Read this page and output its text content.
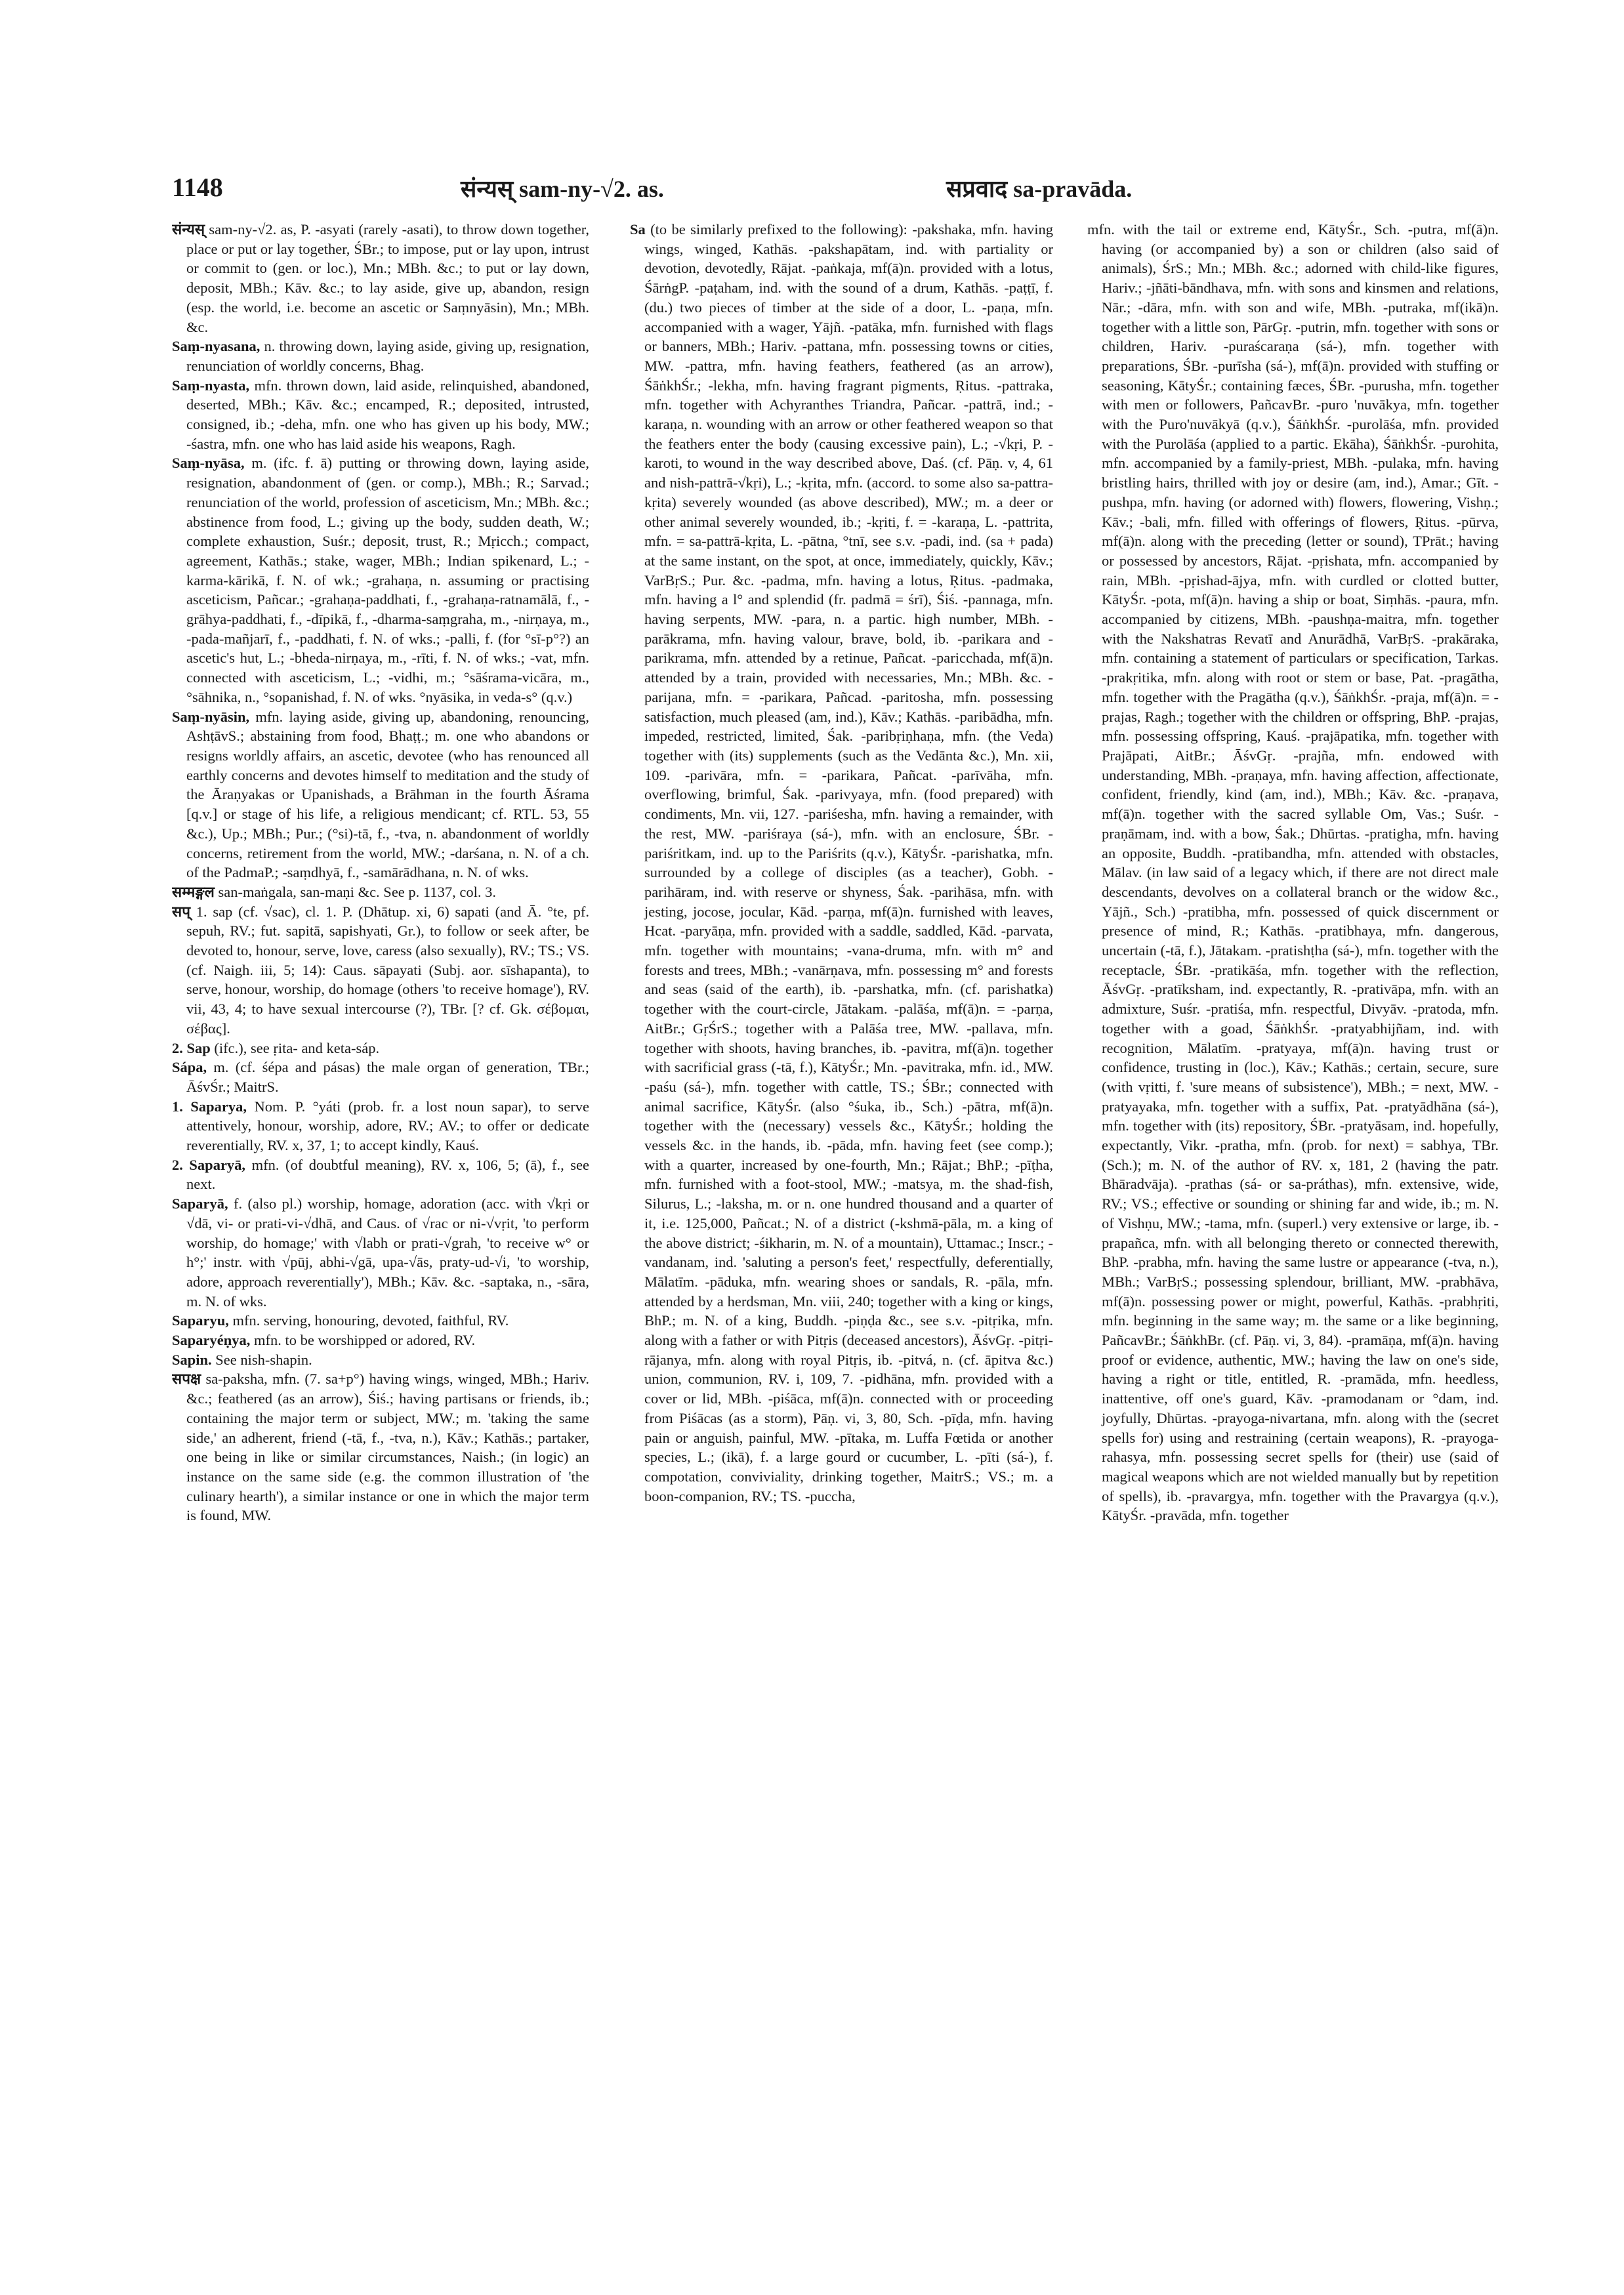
1148	संन्यस् sam-ny-√2. as.	सप्रवाद sa-pravāda.
संन्यस् sam-ny-√2. as, P. -asyati (rarely -asati), to throw down together, place or put or lay together, ŚBr.; to impose, put or lay upon, intrust or commit to (gen. or loc.), Mn.; MBh. &c.; to put or lay down, deposit, MBh.; Kāv. &c.; to lay aside, give up, abandon, resign (esp. the world, i.e. become an ascetic or Saṃnyāsin), Mn.; MBh. &c.
Saṃ-nyasana, n. throwing down, laying aside, giving up, resignation, renunciation of worldly concerns, Bhag.
Saṃ-nyasta, mfn. thrown down, laid aside, relinquished, abandoned, deserted, MBh.; Kāv. &c.; encamped, R.; deposited, intrusted, consigned, ib.; -deha, mfn. one who has given up his body, MW.; -śastra, mfn. one who has laid aside his weapons, Ragh.
Saṃ-nyāsa, m. (ifc. f. ā) putting or throwing down, laying aside, resignation, abandonment of (gen. or comp.), MBh.; R.; Sarvad.; renunciation of the world, profession of asceticism, Mn.; MBh. &c.; abstinence from food, L.; giving up the body, sudden death, W.; complete exhaustion, Suśr.; deposit, trust, R.; Mṛicch.; compact, agreement, Kathās.; stake, wager, MBh.; Indian spikenard, L.; -karma-kārikā, f. N. of wk.; -grahaṇa, n. assuming or practising asceticism, Pañcar.; -grahaṇa-paddhati, f., -grahaṇa-ratnamālā, f., -grāhya-paddhati, f., -dīpikā, f., -dharma-saṃgraha, m., -nirṇaya, m., -pada-mañjarī, f., -paddhati, f. N. of wks.; -palli, f. (for °sī-p°?) an ascetic's hut, L.; -bheda-nirṇaya, m., -rīti, f. N. of wks.; -vat, mfn. connected with asceticism, L.; -vidhi, m.; °sāśrama-vicāra, m., °sāhnika, n., °sopanishad, f. N. of wks. °nyāsika, in veda-s° (q.v.)
Saṃ-nyāsin, mfn. laying aside, giving up, abandoning, renouncing, AshṭāvS.; abstaining from food, Bhaṭṭ.; m. one who abandons or resigns worldly affairs, an ascetic, devotee (who has renounced all earthly concerns and devotes himself to meditation and the study of the Āraṇyakas or Upanishads, a Brāhman in the fourth Āśrama [q.v.] or stage of his life, a religious mendicant; cf. RTL. 53, 55 &c.), Up.; MBh.; Pur.; (°si)-tā, f., -tva, n. abandonment of worldly concerns, retirement from the world, MW.; -darśana, n. N. of a ch. of the PadmaP.; -saṃdhyā, f., -samārādhana, n. N. of wks.
सम्मङ्गल san-maṅgala, san-maṇi &c. See p. 1137, col. 3.
सप् 1. sap (cf. √sac), cl. 1. P. (Dhātup. xi, 6) sapati (and Ā. °te, pf. sepuh, RV.; fut. sapitā, sapishyati, Gr.), to follow or seek after, be devoted to, honour, serve, love, caress (also sexually), RV.; TS.; VS. (cf. Naigh. iii, 5; 14): Caus. sāpayati (Subj. aor. sīshapanta), to serve, honour, worship, do homage (others 'to receive homage'), RV. vii, 43, 4; to have sexual intercourse (?), TBr. [? cf. Gk. σέβομαι, σέβας].
2. Sap (ifc.), see ṛita- and keta-sáp.
Sápa, m. (cf. śépa and pásas) the male organ of generation, TBr.; ĀśvŚr.; MaitrS.
1. Saparya, Nom. P. °yáti (prob. fr. a lost noun sapar), to serve attentively, honour, worship, adore, RV.; AV.; to offer or dedicate reverentially, RV. x, 37, 1; to accept kindly, Kauś.
2. Saparyā, mfn. (of doubtful meaning), RV. x, 106, 5; (ā), f., see next.
Saparyā, f. (also pl.) worship, homage, adoration (acc. with √kṛi or √dā, vi- or prati-vi-√dhā, and Caus. of √rac or ni-√vṛit, 'to perform worship, do homage;' with √labh or prati-√grah, 'to receive w° or h°;' instr. with √pūj, abhi-√gā, upa-√ās, praty-ud-√i, 'to worship, adore, approach reverentially'), MBh.; Kāv. &c. -saptaka, n., -sāra, m. N. of wks.
Saparyu, mfn. serving, honouring, devoted, faithful, RV.
Saparyéṇya, mfn. to be worshipped or adored, RV.
Sapin. See nish-shapin.
सपक्ष sa-paksha, mfn. (7. sa+p°) having wings, winged, MBh.; Hariv. &c.; feathered (as an arrow), Śiś.; having partisans or friends, ib.; containing the major term or subject, MW.; m. 'taking the same side,' an adherent, friend (-tā, f., -tva, n.), Kāv.; Kathās.; partaker, one being in like or similar circumstances, Naish.; (in logic) an instance on the same side (e.g. the common illustration of 'the culinary hearth'), a similar instance or one in which the major term is found, MW.
Sa (to be similarly prefixed to the following): -pakshaka, mfn. having wings, winged, Kathās. -pakshapātam, ind. with partiality or devotion, devotedly, Rājat. -paṅkaja, mf(ā)n. provided with a lotus, ŚārṅgP. -paṭaham, ind. with the sound of a drum, Kathās. -paṭṭī, f. (du.) two pieces of timber at the side of a door, L. -paṇa, mfn. accompanied with a wager, Yājñ. -patāka, mfn. furnished with flags or banners, MBh.; Hariv. -pattana, mfn. possessing towns or cities, MW. -pattra, mfn. having feathers, feathered (as an arrow), ŚāṅkhŚr.; -lekha, mfn. having fragrant pigments, Ṛitus. -pattraka, mfn. together with Achyranthes Triandra, Pañcar. -pattrā, ind.; -karaṇa, n. wounding with an arrow or other feathered weapon so that the feathers enter the body (causing excessive pain), L.; -√kṛi, P. -karoti, to wound in the way described above, Daś. (cf. Pāṇ. v, 4, 61 and nish-pattrā-√kṛi), L.; -kṛita, mfn. (accord. to some also sa-pattra-kṛita) severely wounded (as above described), MW.; m. a deer or other animal severely wounded, ib.; -kṛiti, f. = -karaṇa, L. -pattrita, mfn. = sa-pattrā-kṛita, L. -pātna, °tnī, see s.v. -padi, ind. (sa + pada) at the same instant, on the spot, at once, immediately, quickly, Kāv.; VarBṛS.; Pur. &c. -padma, mfn. having a lotus, Ṛitus. -padmaka, mfn. having a l° and splendid (fr. padmā = śrī), Śiś. -pannaga, mfn. having serpents, MW. -para, n. a partic. high number, MBh. -parākrama, mfn. having valour, brave, bold, ib. -parikara and -parikrama, mfn. attended by a retinue, Pañcat. -paricchada, mf(ā)n. attended by a train, provided with necessaries, Mn.; MBh. &c. -parijana, mfn. = -parikara, Pañcad. -paritosha, mfn. possessing satisfaction, much pleased (am, ind.), Kāv.; Kathās. -paribādha, mfn. impeded, restricted, limited, Śak. -paribṛiṇhaṇa, mfn. (the Veda) together with (its) supplements (such as the Vedānta &c.), Mn. xii, 109. -parivāra, mfn. = -parikara, Pañcat. -parīvāha, mfn. overflowing, brimful, Śak. -parivyaya, mfn. (food prepared) with condiments, Mn. vii, 127. -pariśesha, mfn. having a remainder, with the rest, MW. -pariśraya (sá-), mfn. with an enclosure, ŚBr. -pariśritkam, ind. up to the Pariśrits (q.v.), KātyŚr. -parishatka, mfn. surrounded by a college of disciples (as a teacher), Gobh. -parihāram, ind. with reserve or shyness, Śak. -parihāsa, mfn. with jesting, jocose, jocular, Kād. -parṇa, mf(ā)n. furnished with leaves, Hcat. -paryāṇa, mfn. provided with a saddle, saddled, Kād. -parvata, mfn. together with mountains; -vana-druma, mfn. with m° and forests and trees, MBh.; -vanārṇava, mfn. possessing m° and forests and seas (said of the earth), ib. -parshatka, mfn. (cf. parishatka) together with the court-circle, Jātakam. -palāśa, mf(ā)n. = -parṇa, AitBr.; GṛŚrS.; together with a Palāśa tree, MW. -pallava, mfn. together with shoots, having branches, ib. -pavitra, mf(ā)n. together with sacrificial grass (-tā, f.), KātyŚr.; Mn. -pavitraka, mfn. id., MW. -paśu (sá-), mfn. together with cattle, TS.; ŚBr.; connected with animal sacrifice, KātyŚr. (also °śuka, ib., Sch.) -pātra, mf(ā)n. together with the (necessary) vessels &c., KātyŚr.; holding the vessels &c. in the hands, ib. -pāda, mfn. having feet (see comp.); with a quarter, increased by one-fourth, Mn.; Rājat.; BhP.; -pīṭha, mfn. furnished with a foot-stool, MW.; -matsya, m. the shad-fish, Silurus, L.; -laksha, m. or n. one hundred thousand and a quarter of it, i.e. 125,000, Pañcat.; N. of a district (-kshmā-pāla, m. a king of the above district; -śikharin, m. N. of a mountain), Uttamac.; Inscr.; -vandanam, ind. 'saluting a person's feet,' respectfully, deferentially, Mālatīm. -pāduka, mfn. wearing shoes or sandals, R. -pāla, mfn. attended by a herdsman, Mn. viii, 240; together with a king or kings, BhP.; m. N. of a king, Buddh. -piṇḍa &c., see s.v. -pitṛika, mfn. along with a father or with Pitṛis (deceased ancestors), ĀśvGṛ. -pitṛi-rājanya, mfn. along with royal Pitṛis, ib. -pitvá, n. (cf. āpitva &c.) union, communion, RV. i, 109, 7. -pidhāna, mfn. provided with a cover or lid, MBh. -piśāca, mf(ā)n. connected with or proceeding from Piśācas (as a storm), Pāṇ. vi, 3, 80, Sch. -pīḍa, mfn. having pain or anguish, painful, MW. -pītaka, m. Luffa Fœtida or another species, L.; (ikā), f. a large gourd or cucumber, L. -pīti (sá-), f. compotation, conviviality, drinking together, MaitrS.; VS.; m. a boon-companion, RV.; TS. -puccha,
mfn. with the tail or extreme end, KātyŚr., Sch. -putra, mf(ā)n. having (or accompanied by) a son or children (also said of animals), ŚrS.; Mn.; MBh. &c.; adorned with child-like figures, Hariv.; -jñāti-bāndhava, mfn. with sons and kinsmen and relations, Nār.; -dāra, mfn. with son and wife, MBh. -putraka, mf(ikā)n. together with a little son, PārGṛ. -putrin, mfn. together with sons or children, Hariv. -puraścaraṇa (sá-), mfn. together with preparations, ŚBr. -purīsha (sá-), mf(ā)n. provided with stuffing or seasoning, KātyŚr.; containing fæces, ŚBr. -purusha, mfn. together with men or followers, PañcavBr. -puro 'nuvākya, mfn. together with the Puro'nuvākyā (q.v.), ŚāṅkhŚr. -purolāśa, mfn. provided with the Purolāśa (applied to a partic. Ekāha), ŚāṅkhŚr. -purohita, mfn. accompanied by a family-priest, MBh. -pulaka, mfn. having bristling hairs, thrilled with joy or desire (am, ind.), Amar.; Gīt. -pushpa, mfn. having (or adorned with) flowers, flowering, Vishṇ.; Kāv.; -bali, mfn. filled with offerings of flowers, Ṛitus. -pūrva, mf(ā)n. along with the preceding (letter or sound), TPrāt.; having or possessed by ancestors, Rājat. -pṛishata, mfn. accompanied by rain, MBh. -pṛishad-ājya, mfn. with curdled or clotted butter, KātyŚr. -pota, mf(ā)n. having a ship or boat, Siṃhās. -paura, mfn. accompanied by citizens, MBh. -paushṇa-maitra, mfn. together with the Nakshatras Revatī and Anurādhā, VarBṛS. -prakāraka, mfn. containing a statement of particulars or specification, Tarkas. -prakṛitika, mfn. along with root or stem or base, Pat. -pragātha, mfn. together with the Pragātha (q.v.), ŚāṅkhŚr. -praja, mf(ā)n. = -prajas, Ragh.; together with the children or offspring, BhP. -prajas, mfn. possessing offspring, Kauś. -prajāpatika, mfn. together with Prajāpati, AitBr.; ĀśvGṛ. -prajña, mfn. endowed with understanding, MBh. -praṇaya, mfn. having affection, affectionate, confident, friendly, kind (am, ind.), MBh.; Kāv. &c. -praṇava, mf(ā)n. together with the sacred syllable Om, Vas.; Suśr. -praṇāmam, ind. with a bow, Śak.; Dhūrtas. -pratigha, mfn. having an opposite, Buddh. -pratibandha, mfn. attended with obstacles, Mālav. (in law said of a legacy which, if there are not direct male descendants, devolves on a collateral branch or the widow &c., Yājñ., Sch.) -pratibha, mfn. possessed of quick discernment or presence of mind, R.; Kathās. -pratibhaya, mfn. dangerous, uncertain (-tā, f.), Jātakam. -pratishṭha (sá-), mfn. together with the receptacle, ŚBr. -pratikāśa, mfn. together with the reflection, ĀśvGṛ. -pratīksham, ind. expectantly, R. -prativāpa, mfn. with an admixture, Suśr. -pratiśa, mfn. respectful, Divyāv. -pratoda, mfn. together with a goad, ŚāṅkhŚr. -pratyabhijñam, ind. with recognition, Mālatīm. -pratyaya, mf(ā)n. having trust or confidence, trusting in (loc.), Kāv.; Kathās.; certain, secure, sure (with vṛitti, f. 'sure means of subsistence'), MBh.; = next, MW. -pratyayaka, mfn. together with a suffix, Pat. -pratyādhāna (sá-), mfn. together with (its) repository, ŚBr. -pratyāsam, ind. hopefully, expectantly, Vikr. -pratha, mfn. (prob. for next) = sabhya, TBr. (Sch.); m. N. of the author of RV. x, 181, 2 (having the patr. Bhāradvāja). -prathas (sá- or sa-práthas), mfn. extensive, wide, RV.; VS.; effective or sounding or shining far and wide, ib.; m. N. of Vishṇu, MW.; -tama, mfn. (superl.) very extensive or large, ib. -prapañca, mfn. with all belonging thereto or connected therewith, BhP. -prabha, mfn. having the same lustre or appearance (-tva, n.), MBh.; VarBṛS.; possessing splendour, brilliant, MW. -prabhāva, mf(ā)n. possessing power or might, powerful, Kathās. -prabhṛiti, mfn. beginning in the same way; m. the same or a like beginning, PañcavBr.; ŚāṅkhBr. (cf. Pāṇ. vi, 3, 84). -pramāṇa, mf(ā)n. having proof or evidence, authentic, MW.; having the law on one's side, having a right or title, entitled, R. -pramāda, mfn. heedless, inattentive, off one's guard, Kāv. -pramodanam or °dam, ind. joyfully, Dhūrtas. -prayoga-nivartana, mfn. along with the (secret spells for) using and restraining (certain weapons), R. -prayoga-rahasya, mfn. possessing secret spells for (their) use (said of magical weapons which are not wielded manually but by repetition of spells), ib. -pravargya, mfn. together with the Pravargya (q.v.), KātyŚr. -pravāda, mfn. together
